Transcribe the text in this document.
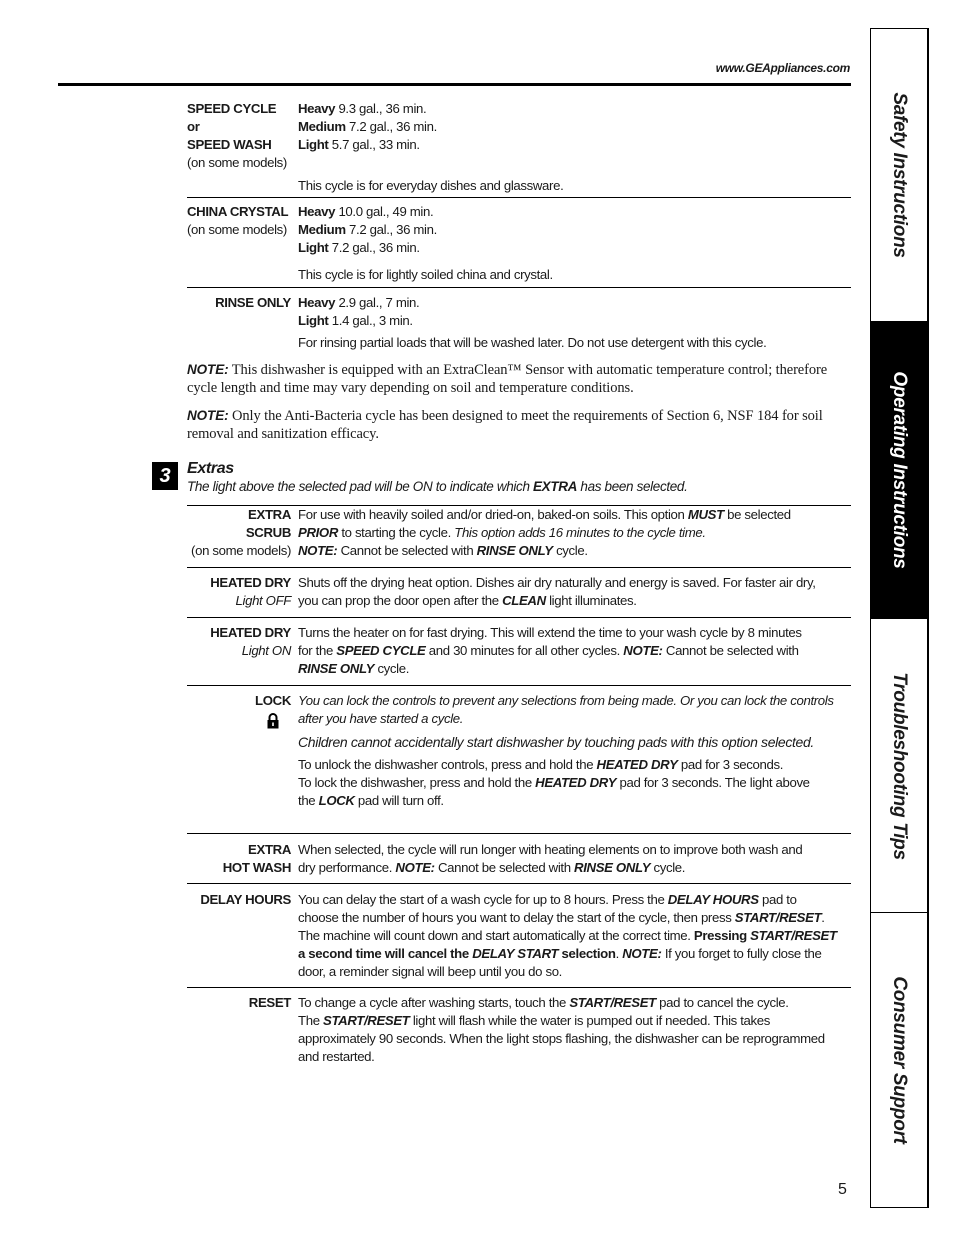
www.GEAppliances.com
SPEED CYCLE
or
SPEED WASH
(on some models)
Heavy 9.3 gal., 36 min.
Medium 7.2 gal., 36 min.
Light 5.7 gal., 33 min.
This cycle is for everyday dishes and glassware.
CHINA CRYSTAL
(on some models)
Heavy 10.0 gal., 49 min.
Medium 7.2 gal., 36 min.
Light 7.2 gal., 36 min.
This cycle is for lightly soiled china and crystal.
RINSE ONLY Heavy 2.9 gal., 7 min.
Light 1.4 gal., 3 min.
For rinsing partial loads that will be washed later. Do not use detergent with this cycle.
NOTE: This dishwasher is equipped with an ExtraClean™ Sensor with automatic temperature control; therefore cycle length and time may vary depending on soil and temperature conditions.
NOTE: Only the Anti-Bacteria cycle has been designed to meet the requirements of Section 6, NSF 184 for soil removal and sanitization efficacy.
3	Extras
The light above the selected pad will be ON to indicate which EXTRA has been selected.
EXTRA
SCRUB
(on some models)
For use with heavily soiled and/or dried-on, baked-on soils. This option MUST be selected
PRIOR to starting the cycle. This option adds 16 minutes to the cycle time.
NOTE: Cannot be selected with RINSE ONLY cycle.
HEATED DRY
Light OFF
Shuts off the drying heat option. Dishes air dry naturally and energy is saved. For faster air dry,
you can prop the door open after the CLEAN light illuminates.
HEATED DRY
Light ON
Turns the heater on for fast drying. This will extend the time to your wash cycle by 8 minutes
for the SPEED CYCLE and 30 minutes for all other cycles. NOTE: Cannot be selected with
RINSE ONLY cycle.
LOCK You can lock the controls to prevent any selections from being made. Or you can lock the controls after you have started a cycle.
Children cannot accidentally start dishwasher by touching pads with this option selected.
To unlock the dishwasher controls, press and hold the HEATED DRY pad for 3 seconds.
To lock the dishwasher, press and hold the HEATED DRY pad for 3 seconds. The light above
the LOCK pad will turn off.
EXTRA
HOT WASH
When selected, the cycle will run longer with heating elements on to improve both wash and
dry performance. NOTE: Cannot be selected with RINSE ONLY cycle.
DELAY HOURS You can delay the start of a wash cycle for up to 8 hours. Press the DELAY HOURS pad to
choose the number of hours you want to delay the start of the cycle, then press START/RESET.
The machine will count down and start automatically at the correct time. Pressing START/RESET
a second time will cancel the DELAY START selection. NOTE: If you forget to fully close the
door, a reminder signal will beep until you do so.
RESET To change a cycle after washing starts, touch the START/RESET pad to cancel the cycle.
The START/RESET light will flash while the water is pumped out if needed. This takes
approximately 90 seconds. When the light stops flashing, the dishwasher can be reprogrammed
and restarted.
Safety Instructions
Operating Instructions
Troubleshooting Tips
Consumer Support
5
